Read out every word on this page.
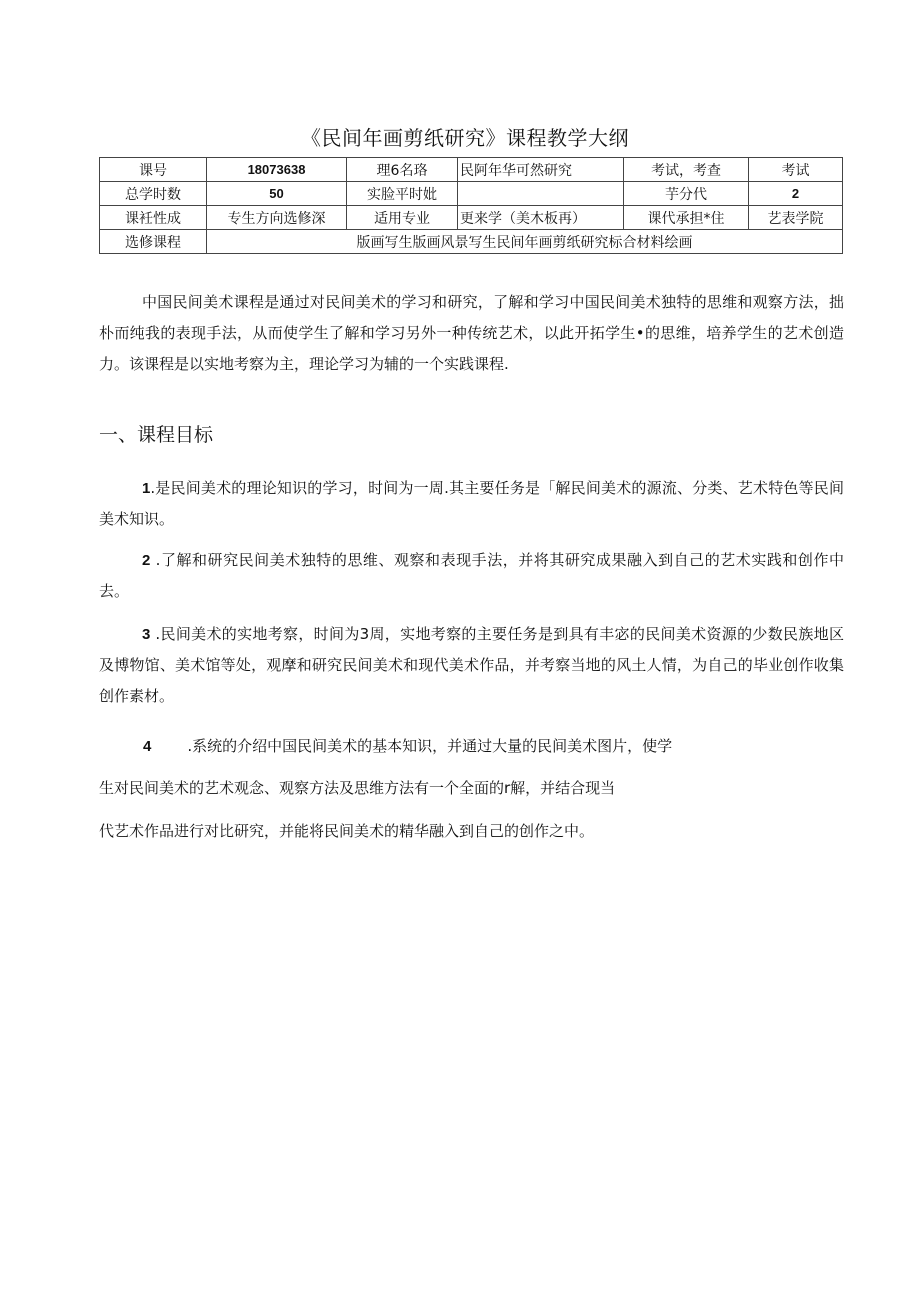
《民间年画剪纸研究》课程教学大纲
课号	18073638	理6名珞	民阿年华可然研究	考试，考查	考试
总学时数	50	实脸平时妣		芋分代	2
课衽性成	专生方向选修深	适用专业	更来学（美木板再）	课代承担*住	艺表学院
选修课程	版画写生版画风景写生民间年画剪纸研究标合材料绘画				

中国民间美术课程是通过对民间美术的学习和研究，了解和学习中国民间美术独特的思维和观察方法，拙朴而纯我的表现手法，从而使学生了解和学习另外一种传统艺术，以此开拓学生•的思维，培养学生的艺术创造力。该课程是以实地考察为主，理论学习为辅的一个实践课程.

一、课程目标

1.是民间美术的理论知识的学习，时间为一周.其主要任务是「解民间美术的源流、分类、艺术特色等民间美术知识。

2 .了解和研究民间美术独特的思维、观察和表现手法，并将其研究成果融入到自己的艺术实践和创作中去。

3 .民间美术的实地考察，时间为3周，实地考察的主要任务是到具有丰宓的民间美术资源的少数民族地区及博物馆、美术馆等处，观摩和研究民间美术和现代美术作品，并考察当地的风土人情，为自己的毕业创作收集创作素材。

4 .系统的介绍中国民间美术的基本知识，并通过大量的民间美术图片，使学

生对民间美术的艺术观念、观察方法及思维方法有一个全面的r解，并结合现当

代艺术作品进行对比研究，并能将民间美术的精华融入到自己的创作之中。
